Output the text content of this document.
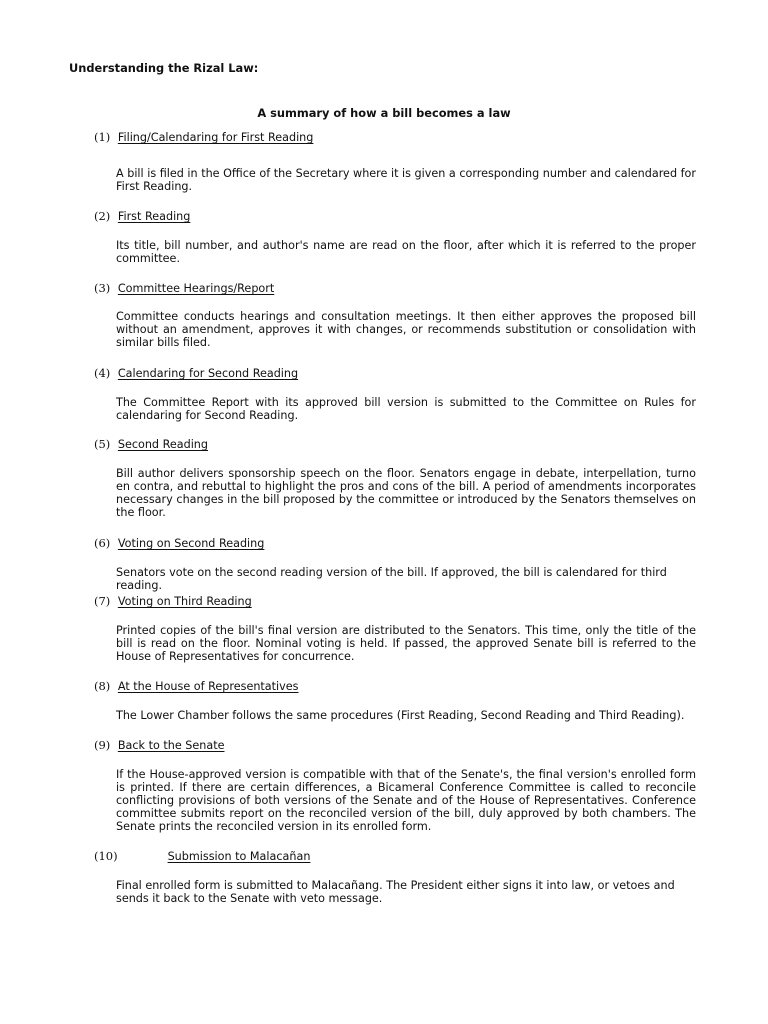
Understanding the Rizal Law:
A summary of how a bill becomes a law
(1) Filing/Calendaring for First Reading
A bill is filed in the Office of the Secretary where it is given a corresponding number and calendared for First Reading.
(2) First Reading
Its title, bill number, and author's name are read on the floor, after which it is referred to the proper committee.
(3) Committee Hearings/Report
Committee conducts hearings and consultation meetings. It then either approves the proposed bill without an amendment, approves it with changes, or recommends substitution or consolidation with similar bills filed.
(4) Calendaring for Second Reading
The Committee Report with its approved bill version is submitted to the Committee on Rules for calendaring for Second Reading.
(5) Second Reading
Bill author delivers sponsorship speech on the floor. Senators engage in debate, interpellation, turno en contra, and rebuttal to highlight the pros and cons of the bill. A period of amendments incorporates necessary changes in the bill proposed by the committee or introduced by the Senators themselves on the floor.
(6) Voting on Second Reading
Senators vote on the second reading version of the bill. If approved, the bill is calendared for third reading.
(7) Voting on Third Reading
Printed copies of the bill's final version are distributed to the Senators. This time, only the title of the bill is read on the floor. Nominal voting is held. If passed, the approved Senate bill is referred to the House of Representatives for concurrence.
(8) At the House of Representatives
The Lower Chamber follows the same procedures (First Reading, Second Reading and Third Reading).
(9) Back to the Senate
If the House-approved version is compatible with that of the Senate's, the final version's enrolled form is printed. If there are certain differences, a Bicameral Conference Committee is called to reconcile conflicting provisions of both versions of the Senate and of the House of Representatives. Conference committee submits report on the reconciled version of the bill, duly approved by both chambers. The Senate prints the reconciled version in its enrolled form.
(10)	Submission to Malacañan
Final enrolled form is submitted to Malacañang. The President either signs it into law, or vetoes and sends it back to the Senate with veto message.
